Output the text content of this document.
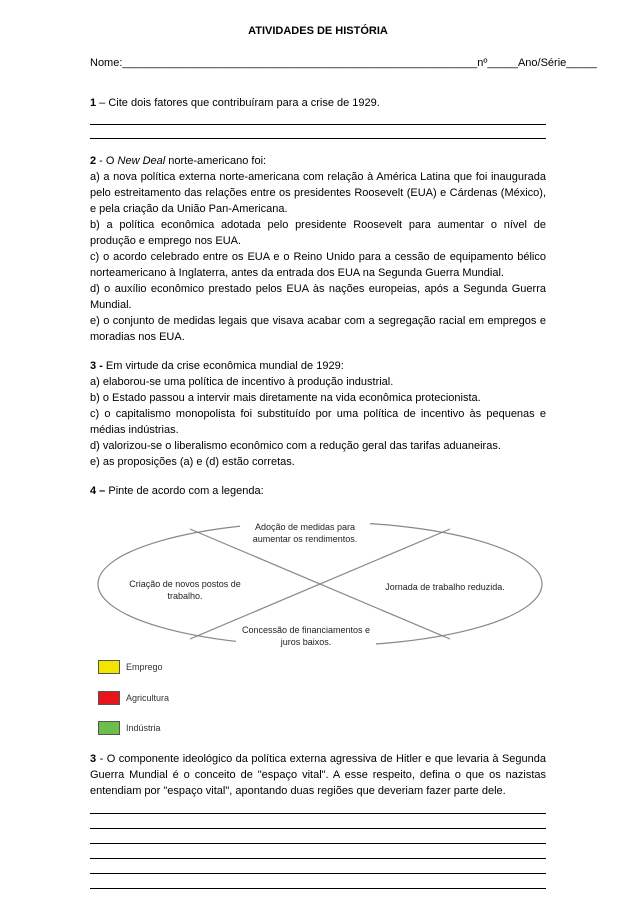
ATIVIDADES DE HISTÓRIA

Nome:__________________________________________________________nº_____Ano/Série_____

1 – Cite dois fatores que contribuíram para a crise de 1929.

2 - O New Deal norte-americano foi:

a) a nova política externa norte-americana com relação à América Latina que foi inaugurada pelo estreitamento das relações entre os presidentes Roosevelt (EUA) e Cárdenas (México), e pela criação da União Pan-Americana.

b) a política econômica adotada pelo presidente Roosevelt para aumentar o nível de produção e emprego nos EUA.

c) o acordo celebrado entre os EUA e o Reino Unido para a cessão de equipamento bélico norteamericano à Inglaterra, antes da entrada dos EUA na Segunda Guerra Mundial.

d) o auxílio econômico prestado pelos EUA às nações europeias, após a Segunda Guerra Mundial.

e) o conjunto de medidas legais que visava acabar com a segregação racial em empregos e moradias nos EUA.

3 - Em virtude da crise econômica mundial de 1929:

a) elaborou-se uma política de incentivo à produção industrial.

b) o Estado passou a intervir mais diretamente na vida econômica protecionista.

c) o capitalismo monopolista foi substituído por uma política de incentivo às pequenas e médias indústrias.

d) valorizou-se o liberalismo econômico com a redução geral das tarifas aduaneiras.

e) as proposições (a) e (d) estão corretas.

4 – Pinte de acordo com a legenda:

Adoção de medidas para aumentar os rendimentos.
Criação de novos postos de trabalho.
Jornada de trabalho reduzida.
Concessão de financiamentos e juros baixos.
Emprego
Agricultura
Indústria

3 - O componente ideológico da política externa agressiva de Hitler e que levaria à Segunda Guerra Mundial é o conceito de "espaço vital". A esse respeito, defina o que os nazistas entendiam por "espaço vital", apontando duas regiões que deveriam fazer parte dele.
